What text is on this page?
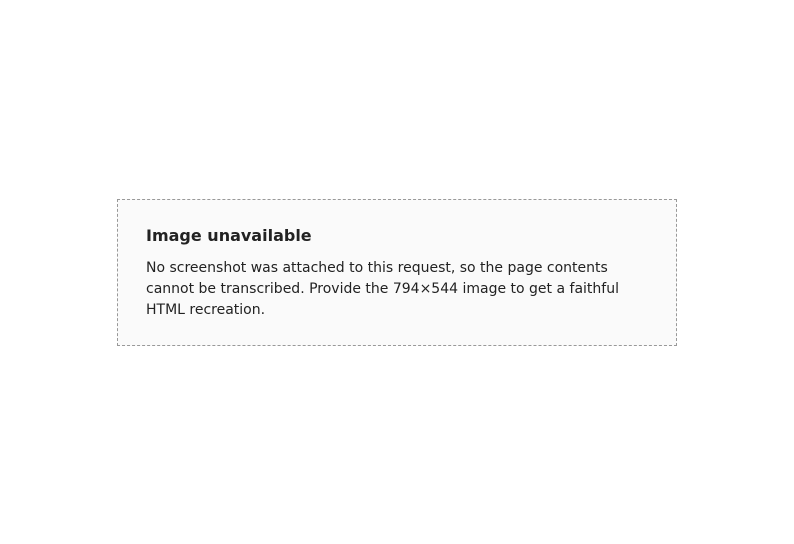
Image unavailable

No screenshot was attached to this request, so the page contents cannot be transcribed. Provide the 794×544 image to get a faithful HTML recreation.
